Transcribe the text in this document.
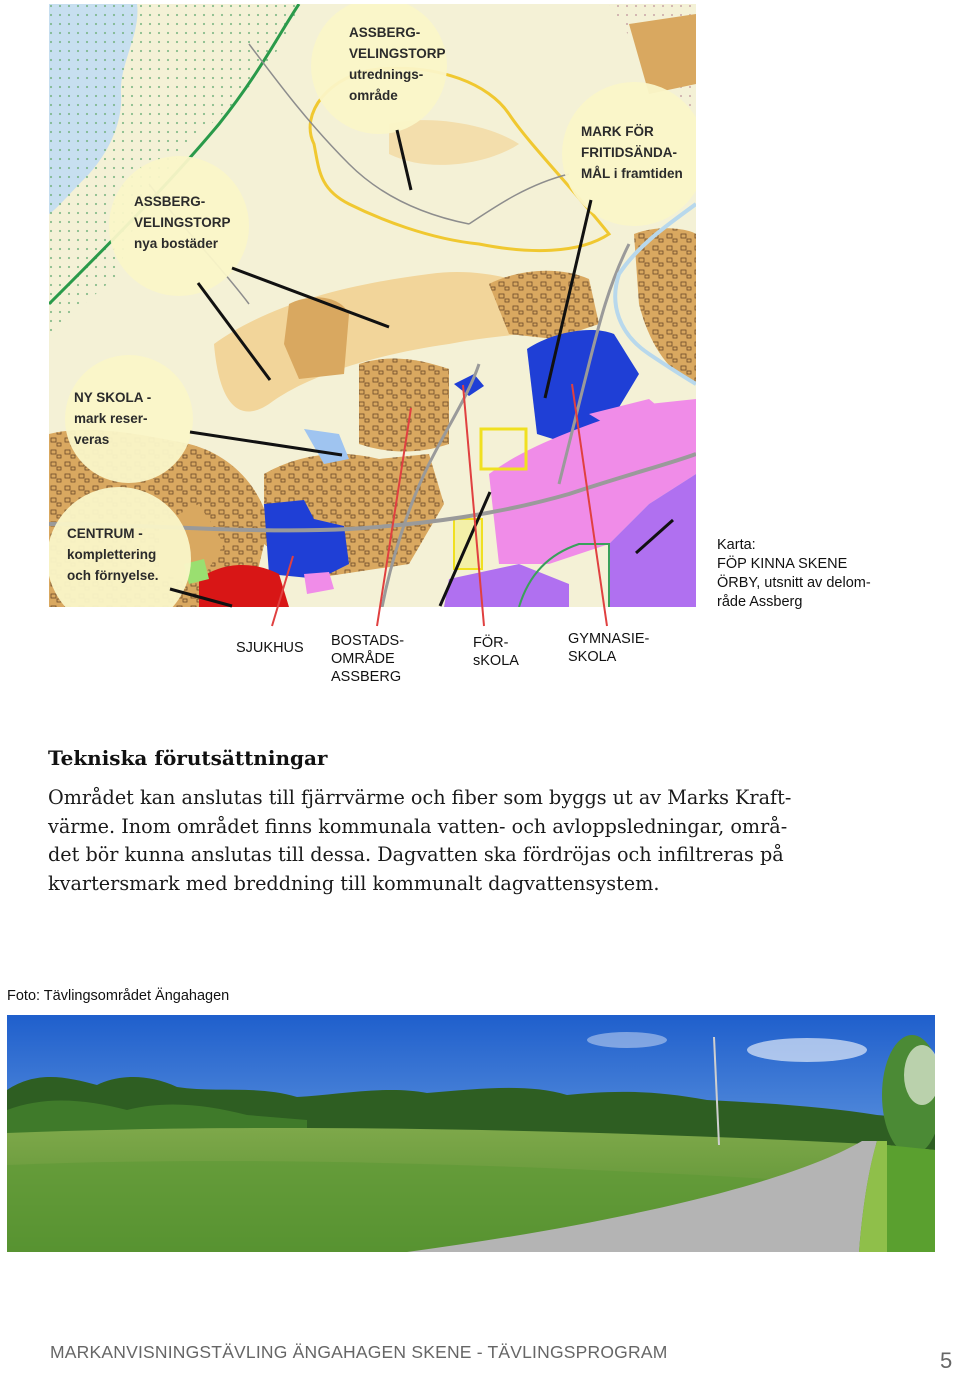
ASSBERG- VELINGSTORP utrednings- område
MARK FÖR FRITIDSÄNDA- MÅL i framtiden
ASSBERG- VELINGSTORP nya bostäder
NY SKOLA - mark reser- veras
CENTRUM - komplettering och förnyelse.
Karta:
FÖP KINNA SKENE
ÖRBY, utsnitt av delom-
råde Assberg
SJUKHUS BOSTADS-
OMRÅDE
ASSBERG
FÖR-
sKOLA
GYMNASIE-
SKOLA
Tekniska förutsättningar
Området kan anslutas till fjärrvärme och fiber som byggs ut av Marks Kraft-
värme. Inom området finns kommunala vatten- och avloppsledningar, områ-
det bör kunna anslutas till dessa. Dagvatten ska fördröjas och infiltreras på
kvartersmark med breddning till kommunalt dagvattensystem.
Foto: Tävlingsområdet Ängahagen
MARKANVISNINGSTÄVLING ÄNGAHAGEN SKENE - TÄVLINGSPROGRAM	5
